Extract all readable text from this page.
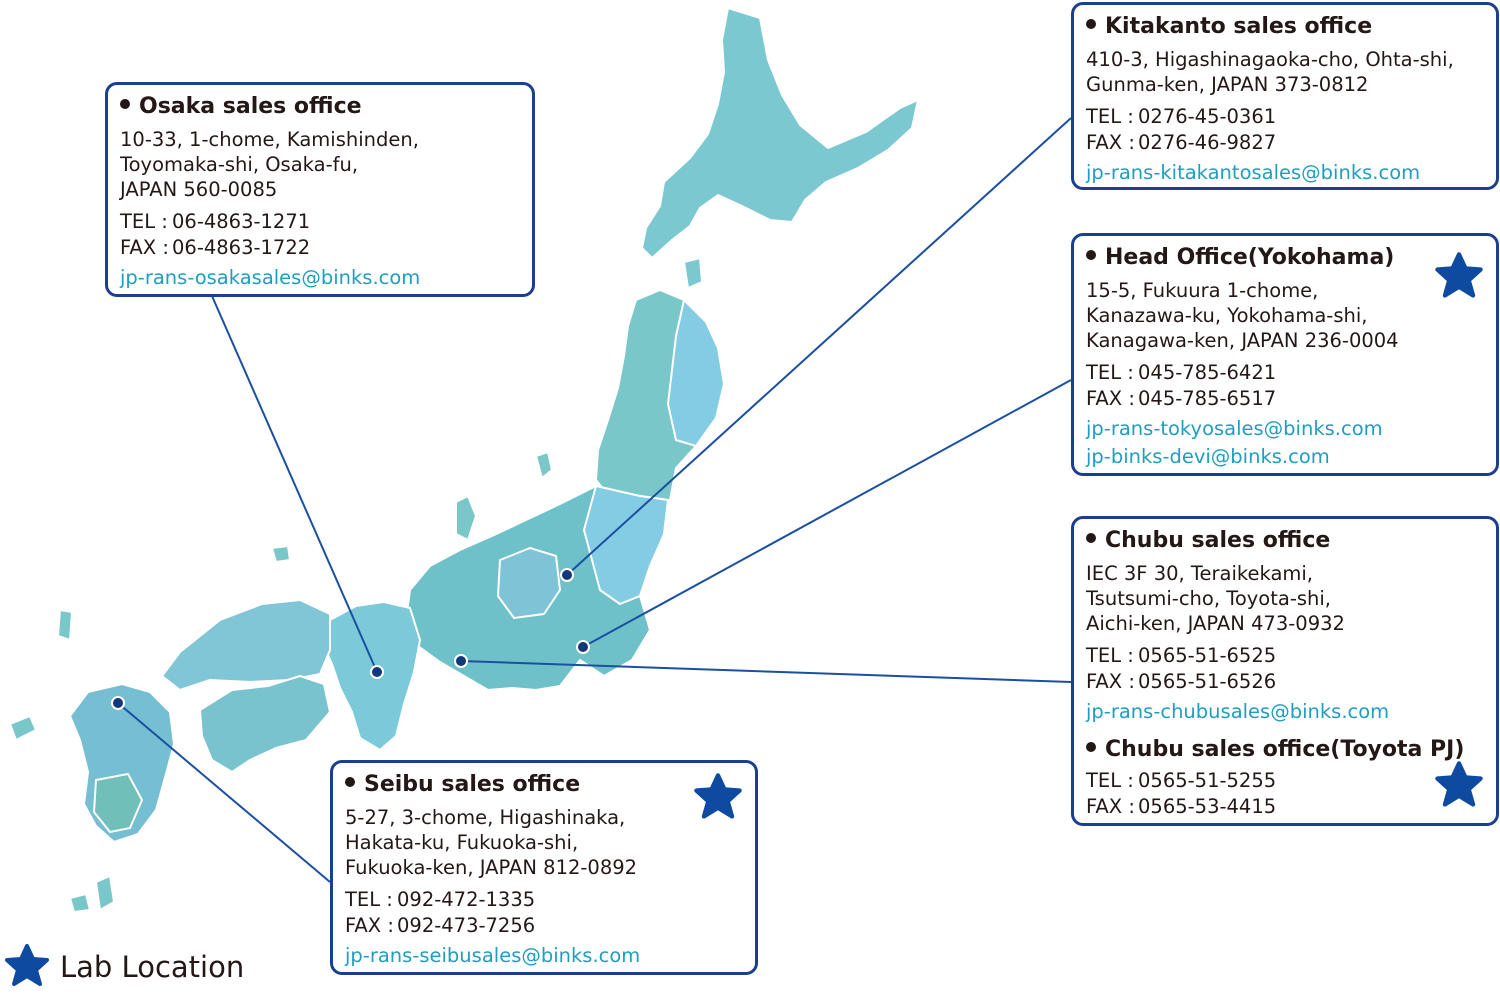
Osaka sales office
10-33, 1-chome, Kamishinden,
Toyomaka-shi, Osaka-fu,
JAPAN 560-0085
TEL : 06-4863-1271
FAX : 06-4863-1722
jp-rans-osakasales@binks.com
Kitakanto sales office
410-3, Higashinagaoka-cho, Ohta-shi,
Gunma-ken, JAPAN 373-0812
TEL : 0276-45-0361
FAX : 0276-46-9827
jp-rans-kitakantosales@binks.com
Head Office(Yokohama)
15-5, Fukuura 1-chome,
Kanazawa-ku, Yokohama-shi,
Kanagawa-ken, JAPAN 236-0004
TEL : 045-785-6421
FAX : 045-785-6517
jp-rans-tokyosales@binks.com
jp-binks-devi@binks.com
Chubu sales office
IEC 3F 30, Teraikekami,
Tsutsumi-cho, Toyota-shi,
Aichi-ken, JAPAN 473-0932
TEL : 0565-51-6525
FAX : 0565-51-6526
jp-rans-chubusales@binks.com
Chubu sales office(Toyota PJ)
TEL : 0565-51-5255
FAX : 0565-53-4415
Seibu sales office
5-27, 3-chome, Higashinaka,
Hakata-ku, Fukuoka-shi,
Fukuoka-ken, JAPAN 812-0892
TEL : 092-472-1335
FAX : 092-473-7256
jp-rans-seibusales@binks.com
Lab Location
